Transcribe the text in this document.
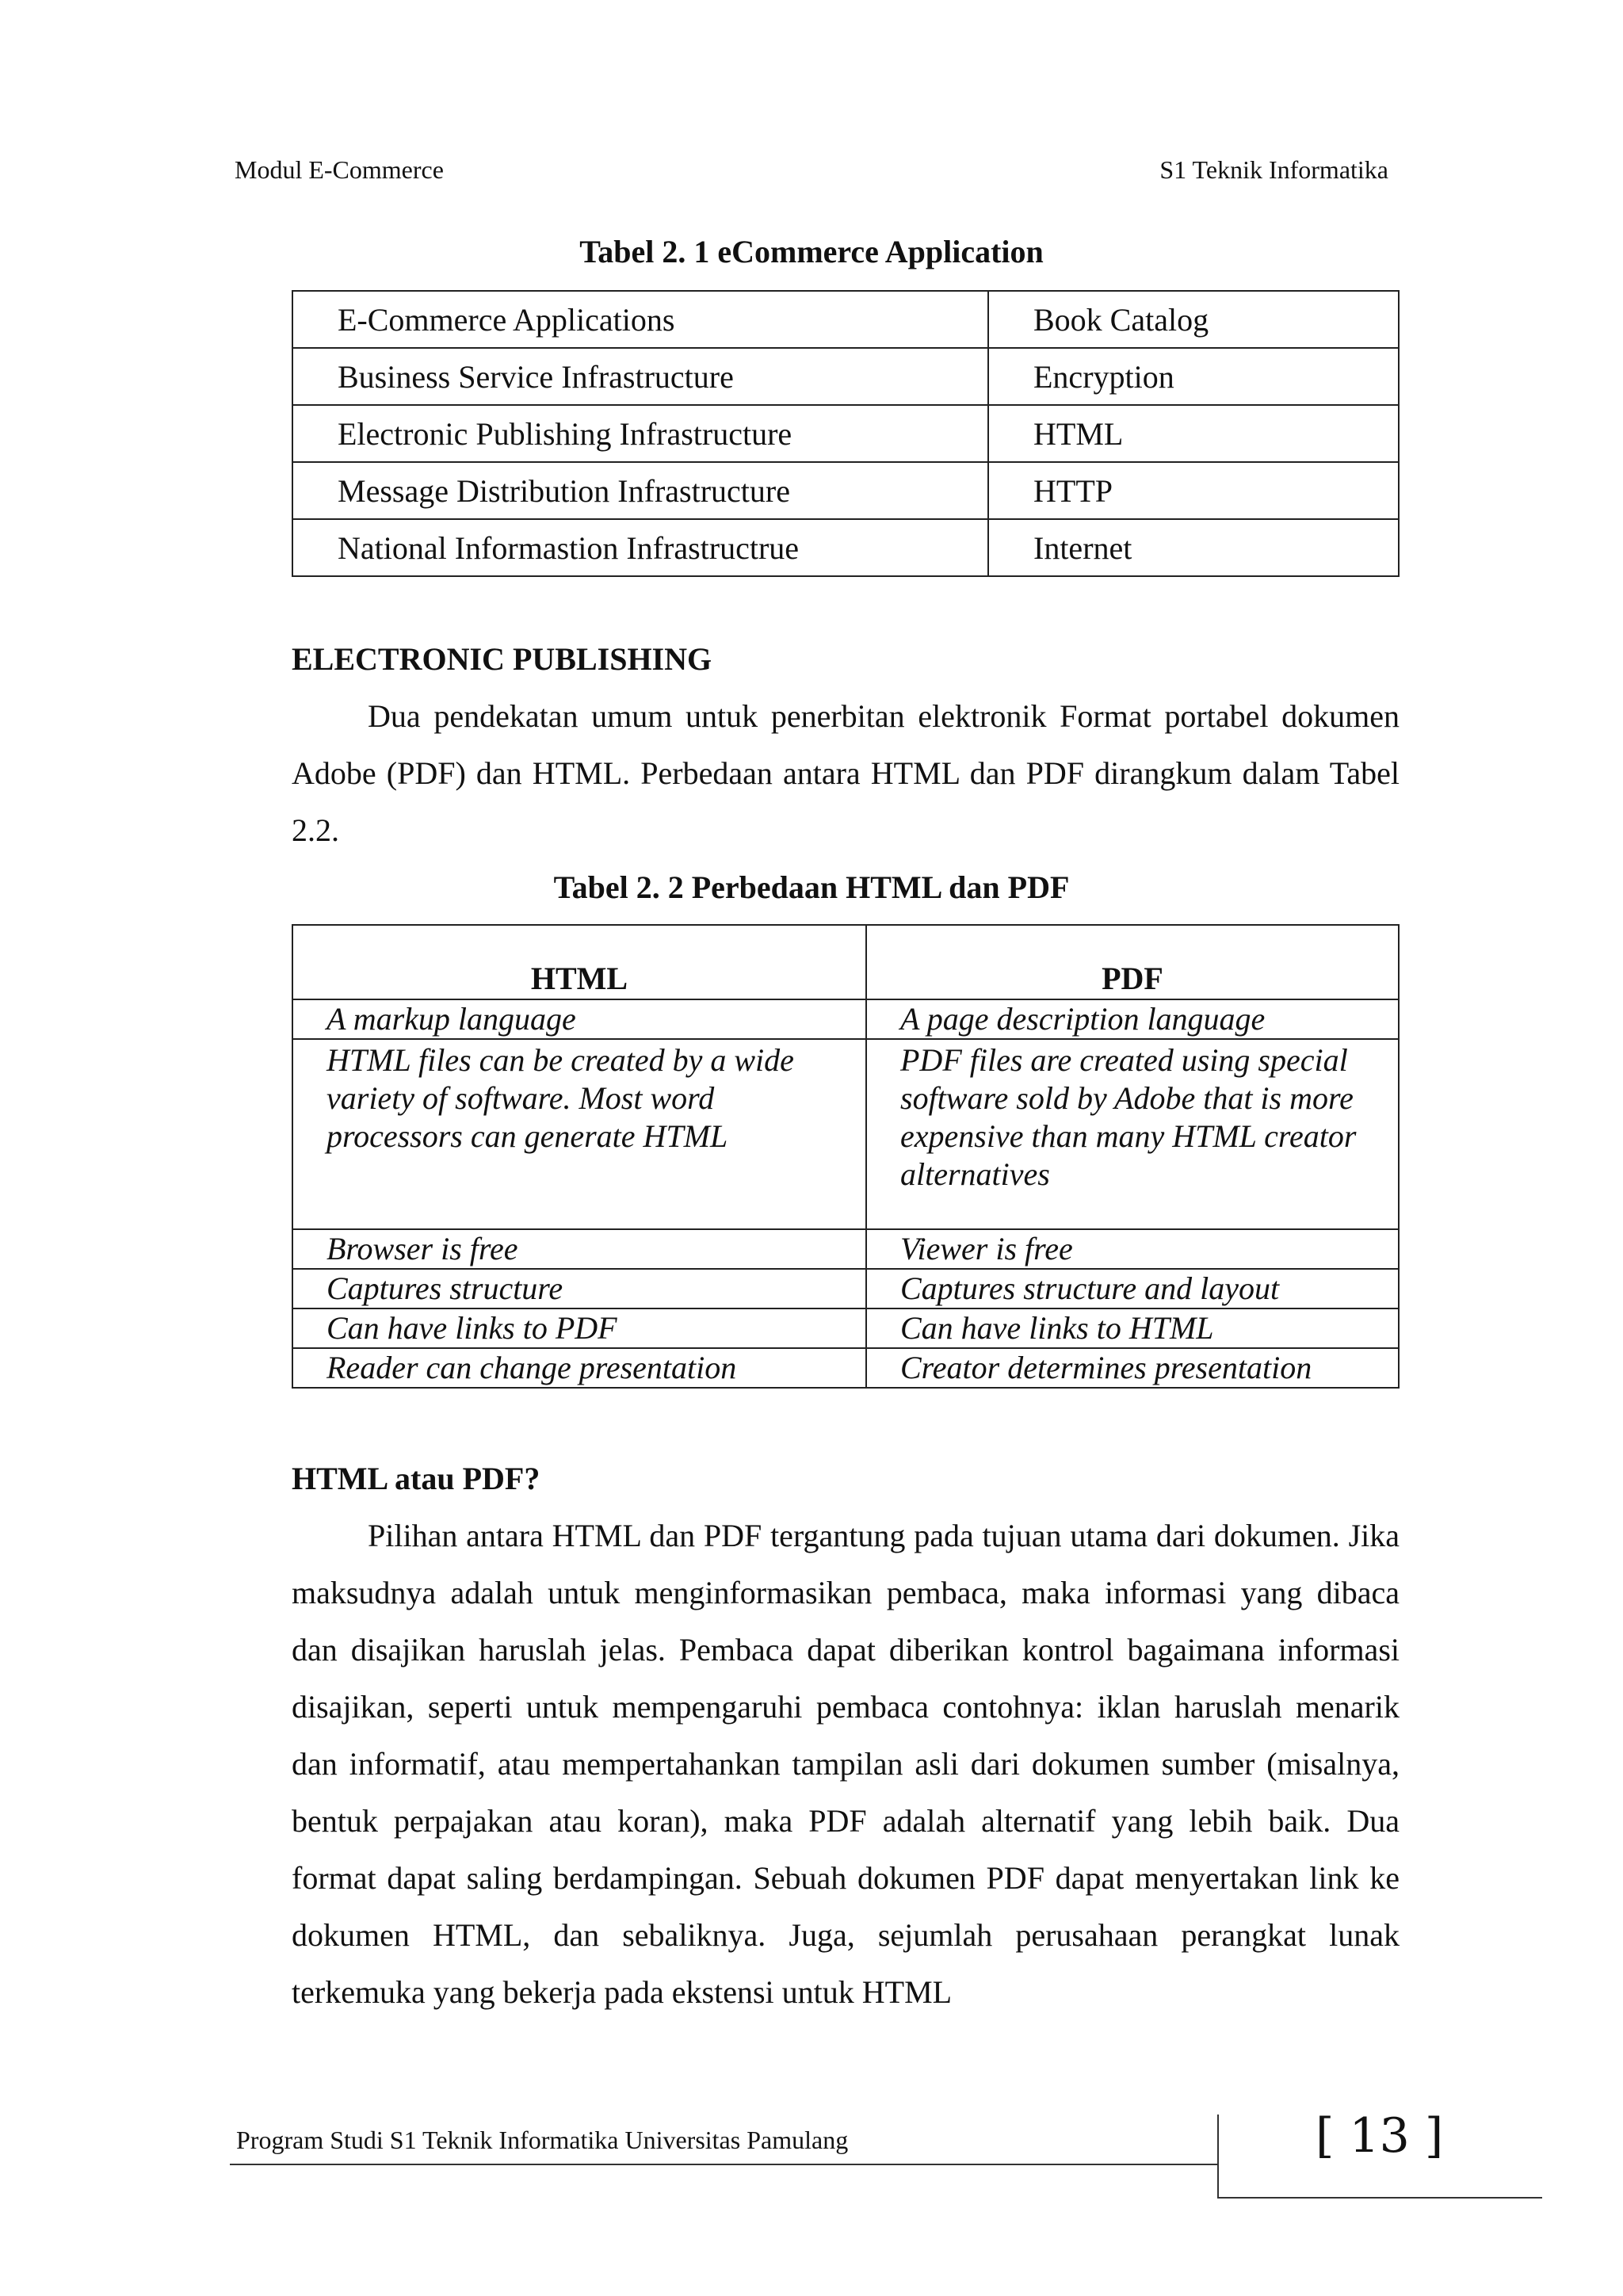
Modul E-Commerce	S1 Teknik Informatika
Tabel 2. 1 eCommerce Application
E-Commerce Applications	Book Catalog
Business Service Infrastructure	Encryption
Electronic Publishing Infrastructure	HTML
Message Distribution Infrastructure	HTTP
National Informastion Infrastructrue	Internet
ELECTRONIC PUBLISHING

Dua pendekatan umum untuk penerbitan elektronik Format portabel dokumen Adobe (PDF) dan HTML. Perbedaan antara HTML dan PDF dirangkum dalam Tabel 2.2.

Tabel 2. 2 Perbedaan HTML dan PDF
HTML	PDF
A markup language	A page description language
HTML files can be created by a wide variety of software. Most word processors can generate HTML	PDF files are created using special software sold by Adobe that is more expensive than many HTML creator alternatives
Browser is free	Viewer is free
Captures structure	Captures structure and layout
Can have links to PDF	Can have links to HTML
Reader can change presentation	Creator determines presentation
HTML atau PDF?

Pilihan antara HTML dan PDF tergantung pada tujuan utama dari dokumen. Jika maksudnya adalah untuk menginformasikan pembaca, maka informasi yang dibaca dan disajikan haruslah jelas. Pembaca dapat diberikan kontrol bagaimana informasi disajikan, seperti untuk mempengaruhi pembaca contohnya: iklan haruslah menarik dan informatif, atau mempertahankan tampilan asli dari dokumen sumber (misalnya, bentuk perpajakan atau koran), maka PDF adalah alternatif yang lebih baik. Dua format dapat saling berdampingan. Sebuah dokumen PDF dapat menyertakan link ke dokumen HTML, dan sebaliknya. Juga, sejumlah perusahaan perangkat lunak terkemuka yang bekerja pada ekstensi untuk HTML

Program Studi S1 Teknik Informatika Universitas Pamulang	[ 13 ]
